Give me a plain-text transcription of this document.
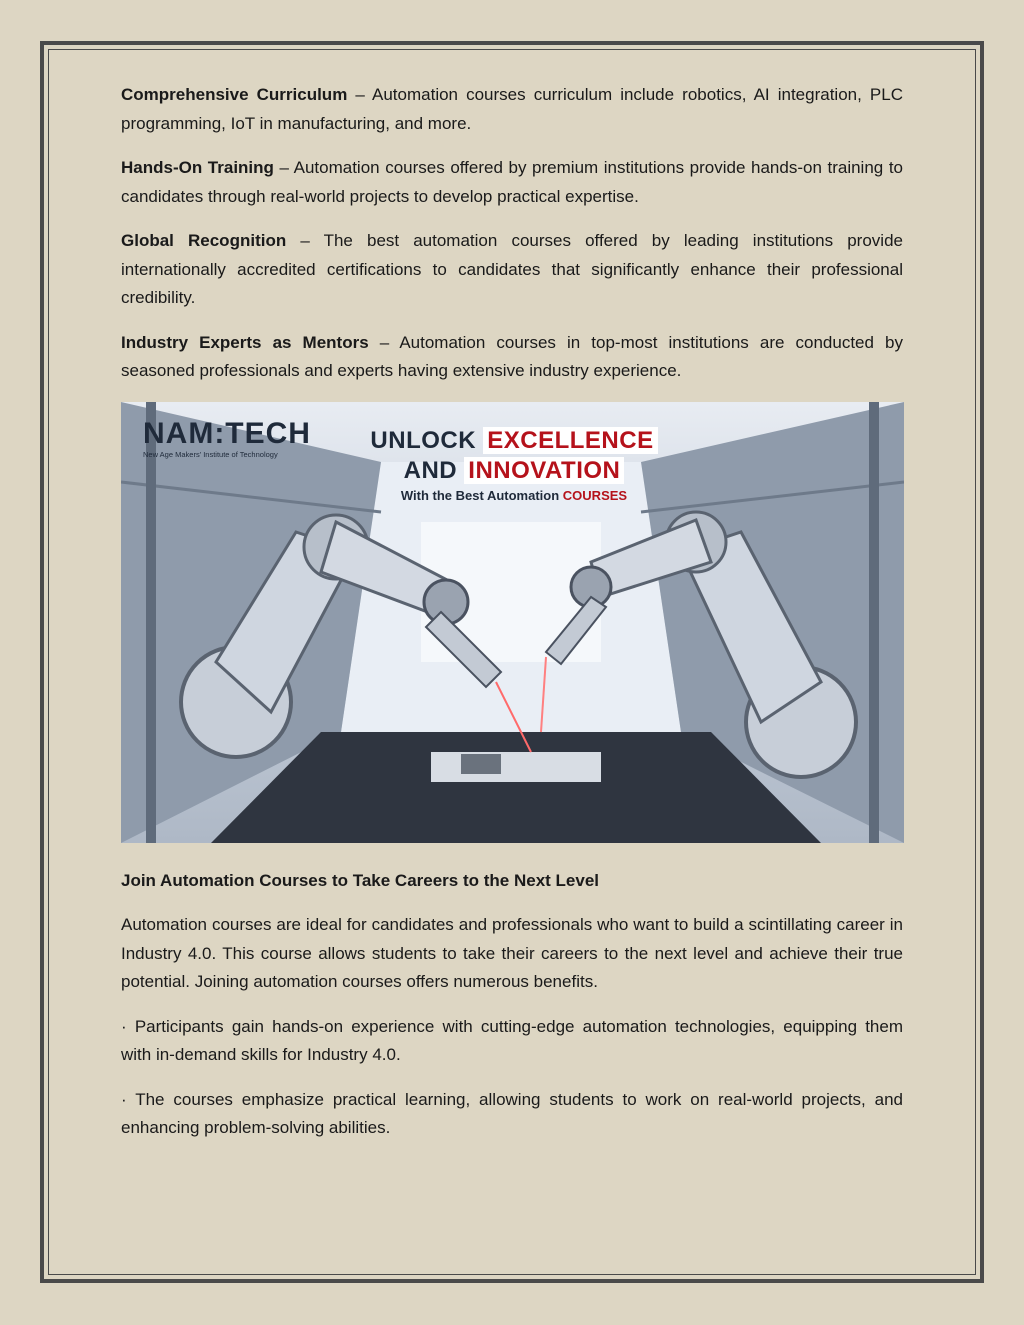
Comprehensive Curriculum – Automation courses curriculum include robotics, AI integration, PLC programming, IoT in manufacturing, and more.

Hands-On Training – Automation courses offered by premium institutions provide hands-on training to candidates through real-world projects to develop practical expertise.

Global Recognition – The best automation courses offered by leading institutions provide internationally accredited certifications to candidates that significantly enhance their professional credibility.

Industry Experts as Mentors – Automation courses in top-most institutions are conducted by seasoned professionals and experts having extensive industry experience.

NAM:TECH
New Age Makers' Institute of Technology
UNLOCK EXCELLENCE
AND INNOVATION
With the Best Automation COURSES

Join Automation Courses to Take Careers to the Next Level

Automation courses are ideal for candidates and professionals who want to build a scintillating career in Industry 4.0. This course allows students to take their careers to the next level and achieve their true potential. Joining automation courses offers numerous benefits.

· Participants gain hands-on experience with cutting-edge automation technologies, equipping them with in-demand skills for Industry 4.0.

· The courses emphasize practical learning, allowing students to work on real-world projects, and enhancing problem-solving abilities.
